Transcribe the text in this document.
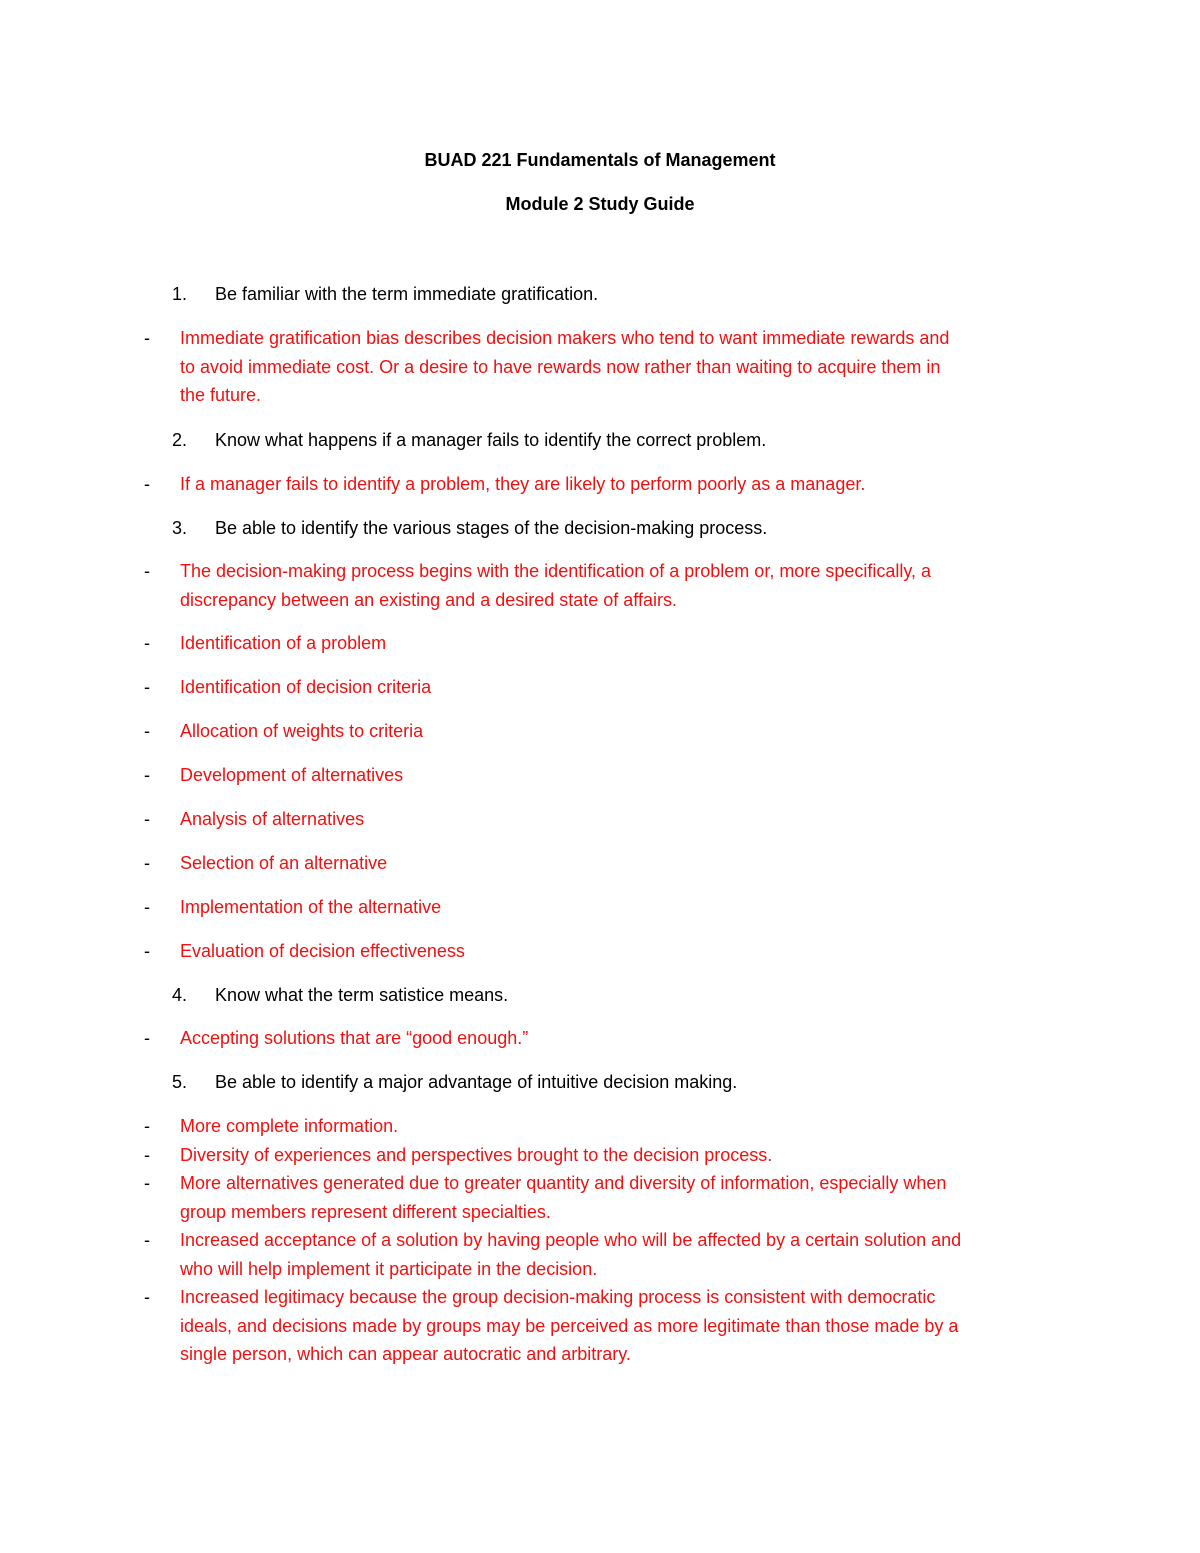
BUAD 221 Fundamentals of Management
Module 2 Study Guide
1. Be familiar with the term immediate gratification.
- Immediate gratification bias describes decision makers who tend to want immediate rewards and
to avoid immediate cost. Or a desire to have rewards now rather than waiting to acquire them in
the future.
2. Know what happens if a manager fails to identify the correct problem.
- If a manager fails to identify a problem, they are likely to perform poorly as a manager.
3. Be able to identify the various stages of the decision-making process.
- The decision-making process begins with the identification of a problem or, more specifically, a
discrepancy between an existing and a desired state of affairs.
- Identification of a problem
- Identification of decision criteria
- Allocation of weights to criteria
- Development of alternatives
- Analysis of alternatives
- Selection of an alternative
- Implementation of the alternative
- Evaluation of decision effectiveness
4. Know what the term satistice means.
- Accepting solutions that are “good enough.”
5. Be able to identify a major advantage of intuitive decision making.
- More complete information.
- Diversity of experiences and perspectives brought to the decision process.
- More alternatives generated due to greater quantity and diversity of information, especially when
group members represent different specialties.
- Increased acceptance of a solution by having people who will be affected by a certain solution and
who will help implement it participate in the decision.
- Increased legitimacy because the group decision-making process is consistent with democratic
ideals, and decisions made by groups may be perceived as more legitimate than those made by a
single person, which can appear autocratic and arbitrary.
